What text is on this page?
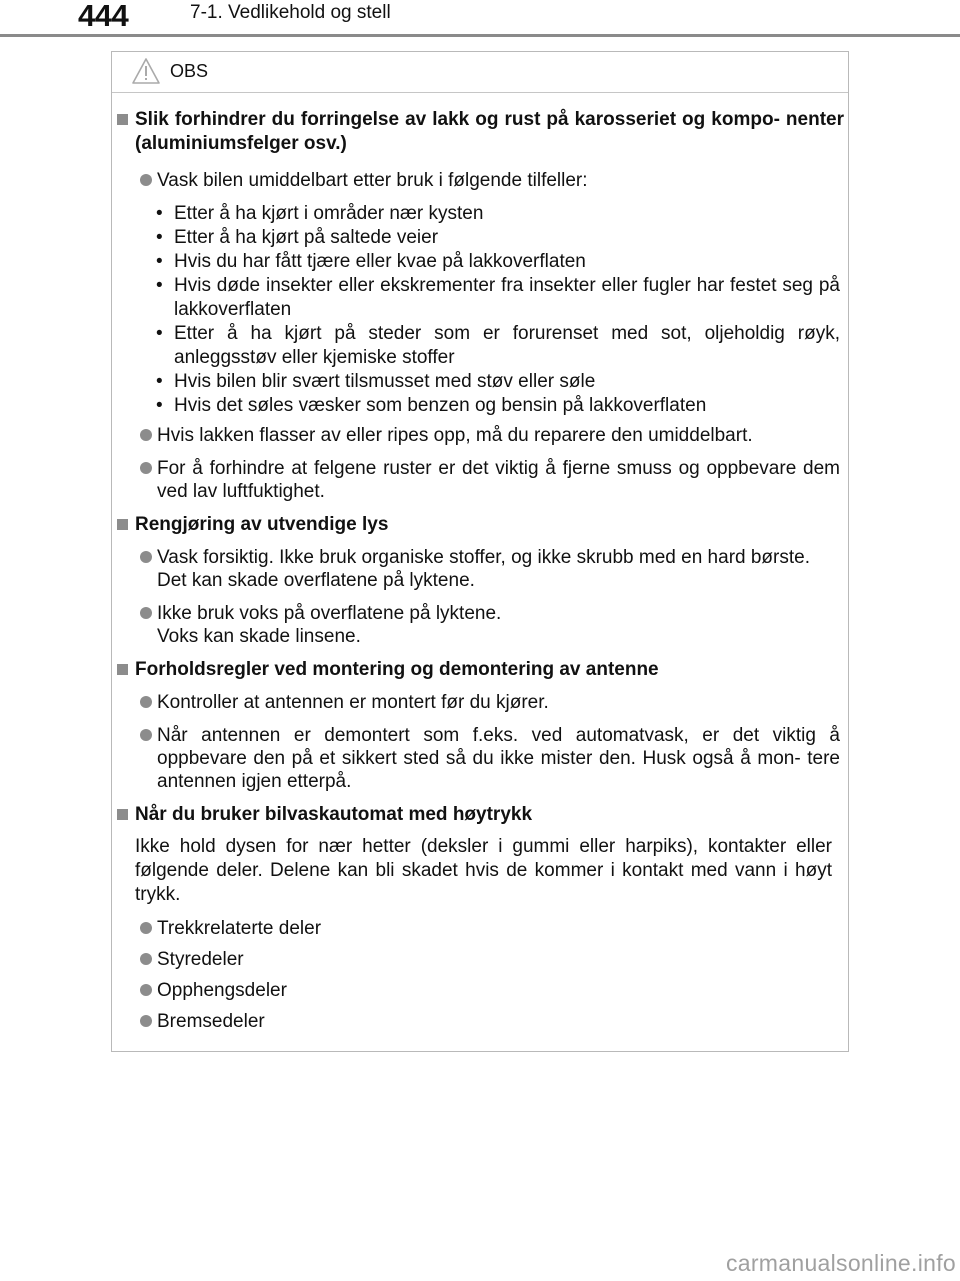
444	7-1. Vedlikehold og stell
OBS
Slik forhindrer du forringelse av lakk og rust på karosseriet og kompo- nenter (aluminiumsfelger osv.)
Vask bilen umiddelbart etter bruk i følgende tilfeller:
• Etter å ha kjørt i områder nær kysten
• Etter å ha kjørt på saltede veier
• Hvis du har fått tjære eller kvae på lakkoverflaten
• Hvis døde insekter eller ekskrementer fra insekter eller fugler har festet seg på lakkoverflaten
• Etter å ha kjørt på steder som er forurenset med sot, oljeholdig røyk, anleggsstøv eller kjemiske stoffer
• Hvis bilen blir svært tilsmusset med støv eller søle
• Hvis det søles væsker som benzen og bensin på lakkoverflaten
Hvis lakken flasser av eller ripes opp, må du reparere den umiddelbart.
For å forhindre at felgene ruster er det viktig å fjerne smuss og oppbevare dem ved lav luftfuktighet.
Rengjøring av utvendige lys
Vask forsiktig. Ikke bruk organiske stoffer, og ikke skrubb med en hard børste.
Det kan skade overflatene på lyktene.
Ikke bruk voks på overflatene på lyktene.
Voks kan skade linsene.
Forholdsregler ved montering og demontering av antenne
Kontroller at antennen er montert før du kjører.
Når antennen er demontert som f.eks. ved automatvask, er det viktig å oppbevare den på et sikkert sted så du ikke mister den. Husk også å mon- tere antennen igjen etterpå.
Når du bruker bilvaskautomat med høytrykk
Ikke hold dysen for nær hetter (deksler i gummi eller harpiks), kontakter eller følgende deler. Delene kan bli skadet hvis de kommer i kontakt med vann i høyt trykk.
Trekkrelaterte deler
Styredeler
Opphengsdeler
Bremsedeler
carmanualsonline.info
